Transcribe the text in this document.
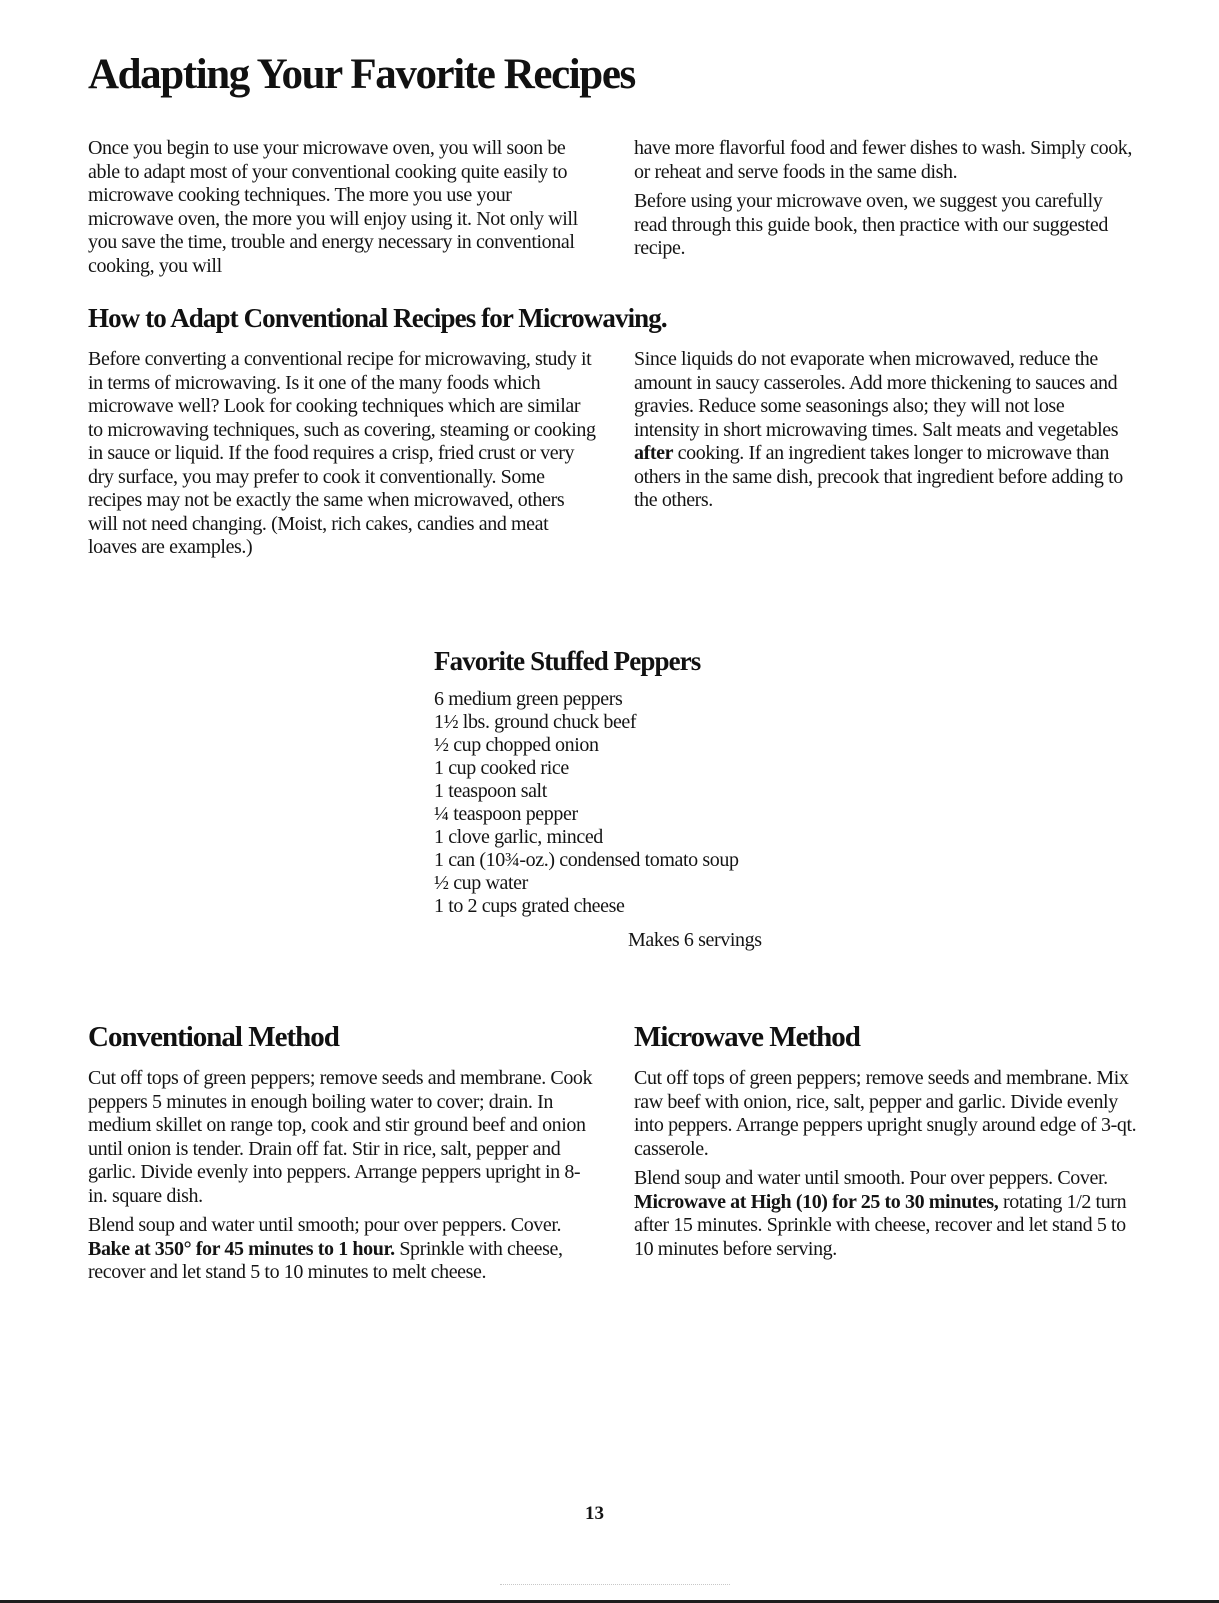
Adapting Your Favorite Recipes

Once you begin to use your microwave oven, you will soon be able to adapt most of your conventional cooking quite easily to microwave cooking techniques. The more you use your microwave oven, the more you will enjoy using it. Not only will you save the time, trouble and energy necessary in conventional cooking, you will

have more flavorful food and fewer dishes to wash. Simply cook, or reheat and serve foods in the same dish.

Before using your microwave oven, we suggest you carefully read through this guide book, then practice with our suggested recipe.

How to Adapt Conventional Recipes for Microwaving.

Before converting a conventional recipe for microwaving, study it in terms of microwaving. Is it one of the many foods which microwave well? Look for cooking techniques which are similar to microwaving techniques, such as covering, steaming or cooking in sauce or liquid. If the food requires a crisp, fried crust or very dry surface, you may prefer to cook it conventionally. Some recipes may not be exactly the same when microwaved, others will not need changing. (Moist, rich cakes, candies and meat loaves are examples.)

Since liquids do not evaporate when microwaved, reduce the amount in saucy casseroles. Add more thickening to sauces and gravies. Reduce some seasonings also; they will not lose intensity in short microwaving times. Salt meats and vegetables after cooking. If an ingredient takes longer to microwave than others in the same dish, precook that ingredient before adding to the others.

Favorite Stuffed Peppers
6 medium green peppers
1½ lbs. ground chuck beef
½ cup chopped onion
1 cup cooked rice
1 teaspoon salt
¼ teaspoon pepper
1 clove garlic, minced
1 can (10¾-oz.) condensed tomato soup
½ cup water
1 to 2 cups grated cheese
Makes 6 servings
Conventional Method

Cut off tops of green peppers; remove seeds and membrane. Cook peppers 5 minutes in enough boiling water to cover; drain. In medium skillet on range top, cook and stir ground beef and onion until onion is tender. Drain off fat. Stir in rice, salt, pepper and garlic. Divide evenly into peppers. Arrange peppers upright in 8-in. square dish.

Blend soup and water until smooth; pour over peppers. Cover. Bake at 350° for 45 minutes to 1 hour. Sprinkle with cheese, recover and let stand 5 to 10 minutes to melt cheese.

Microwave Method

Cut off tops of green peppers; remove seeds and membrane. Mix raw beef with onion, rice, salt, pepper and garlic. Divide evenly into peppers. Arrange peppers upright snugly around edge of 3-qt. casserole.

Blend soup and water until smooth. Pour over peppers. Cover. Microwave at High (10) for 25 to 30 minutes, rotating 1/2 turn after 15 minutes. Sprinkle with cheese, recover and let stand 5 to 10 minutes before serving.

13
